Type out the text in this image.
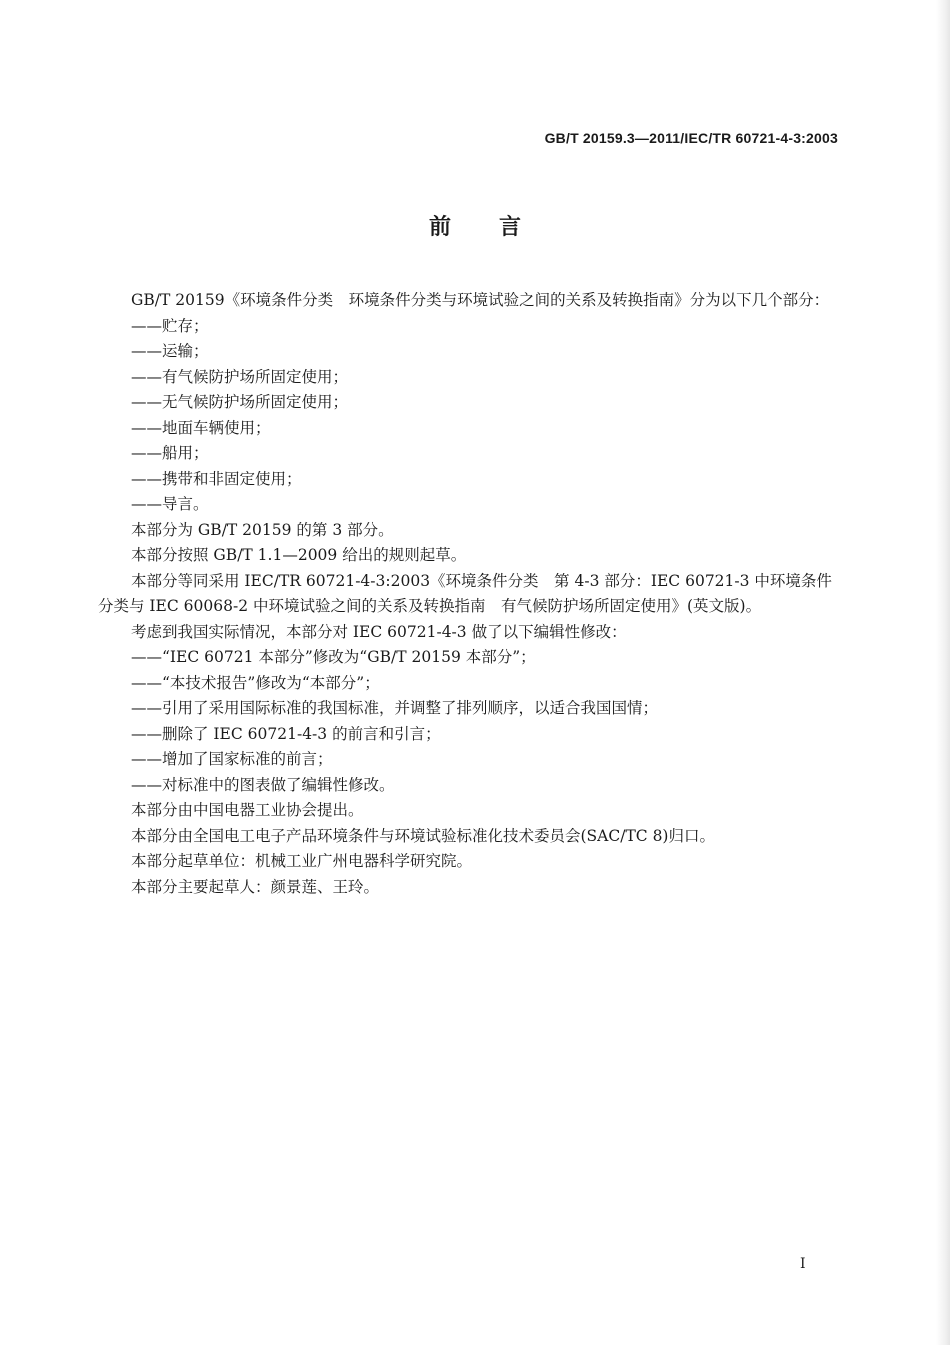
GB/T 20159.3—2011/IEC/TR 60721-4-3:2003
前言

GB/T 20159《环境条件分类　环境条件分类与环境试验之间的关系及转换指南》分为以下几个部分：

——贮存；

——运输；

——有气候防护场所固定使用；

——无气候防护场所固定使用；

——地面车辆使用；

——船用；

——携带和非固定使用；

——导言。

本部分为 GB/T 20159 的第 3 部分。

本部分按照 GB/T 1.1—2009 给出的规则起草。

本部分等同采用 IEC/TR 60721-4-3:2003《环境条件分类　第 4-3 部分：IEC 60721-3 中环境条件分类与 IEC 60068-2 中环境试验之间的关系及转换指南　有气候防护场所固定使用》(英文版)。

考虑到我国实际情况，本部分对 IEC 60721-4-3 做了以下编辑性修改：

——“IEC 60721 本部分”修改为“GB/T 20159 本部分”；

——“本技术报告”修改为“本部分”；

——引用了采用国际标准的我国标准，并调整了排列顺序，以适合我国国情；

——删除了 IEC 60721-4-3 的前言和引言；

——增加了国家标准的前言；

——对标准中的图表做了编辑性修改。

本部分由中国电器工业协会提出。

本部分由全国电工电子产品环境条件与环境试验标准化技术委员会(SAC/TC 8)归口。

本部分起草单位：机械工业广州电器科学研究院。

本部分主要起草人：颜景莲、王玲。

I
